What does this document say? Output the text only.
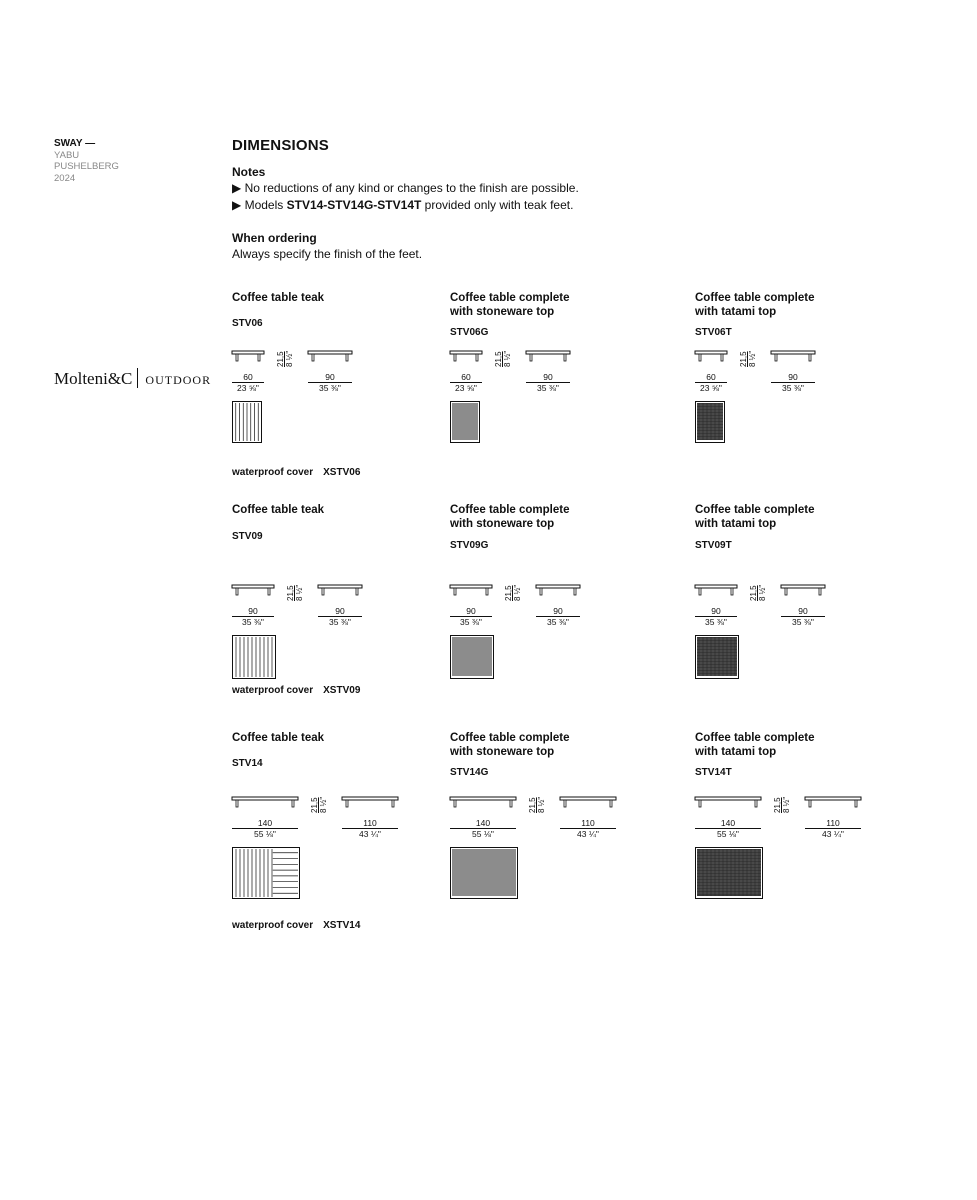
SWAY —
YABU
PUSHELBERG
2024
Molteni&C OUTDOOR
DIMENSIONS
Notes
▶ No reductions of any kind or changes to the finish are possible.
▶ Models STV14-STV14G-STV14T provided only with teak feet.
When ordering
Always specify the finish of the feet.
Coffee table teak
STV06
21,5 8 ½"
60
23 ⅝"
90
35 ⅜"
Coffee table complete
with stoneware top
STV06G
21,5 8 ½"
60
23 ⅝"
90
35 ⅜"
Coffee table complete
with tatami top
STV06T
21,5 8 ½"
60
23 ⅝"
90
35 ⅜"
waterproof cover XSTV06
Coffee table teak
STV09
21,5 8 ½"
90
35 ⅜"
90
35 ⅜"
Coffee table complete
with stoneware top
STV09G
21,5 8 ½"
90
35 ⅜"
90
35 ⅜"
Coffee table complete
with tatami top
STV09T
21,5 8 ½"
90
35 ⅜"
90
35 ⅜"
waterproof cover XSTV09
Coffee table teak
STV14
21,5 8 ½"
140
55 ⅛"
110
43 ¼"
Coffee table complete
with stoneware top
STV14G
21,5 8 ½"
140
55 ⅛"
110
43 ¼"
Coffee table complete
with tatami top
STV14T
21,5 8 ½"
140
55 ⅛"
110
43 ¼"
waterproof cover XSTV14
